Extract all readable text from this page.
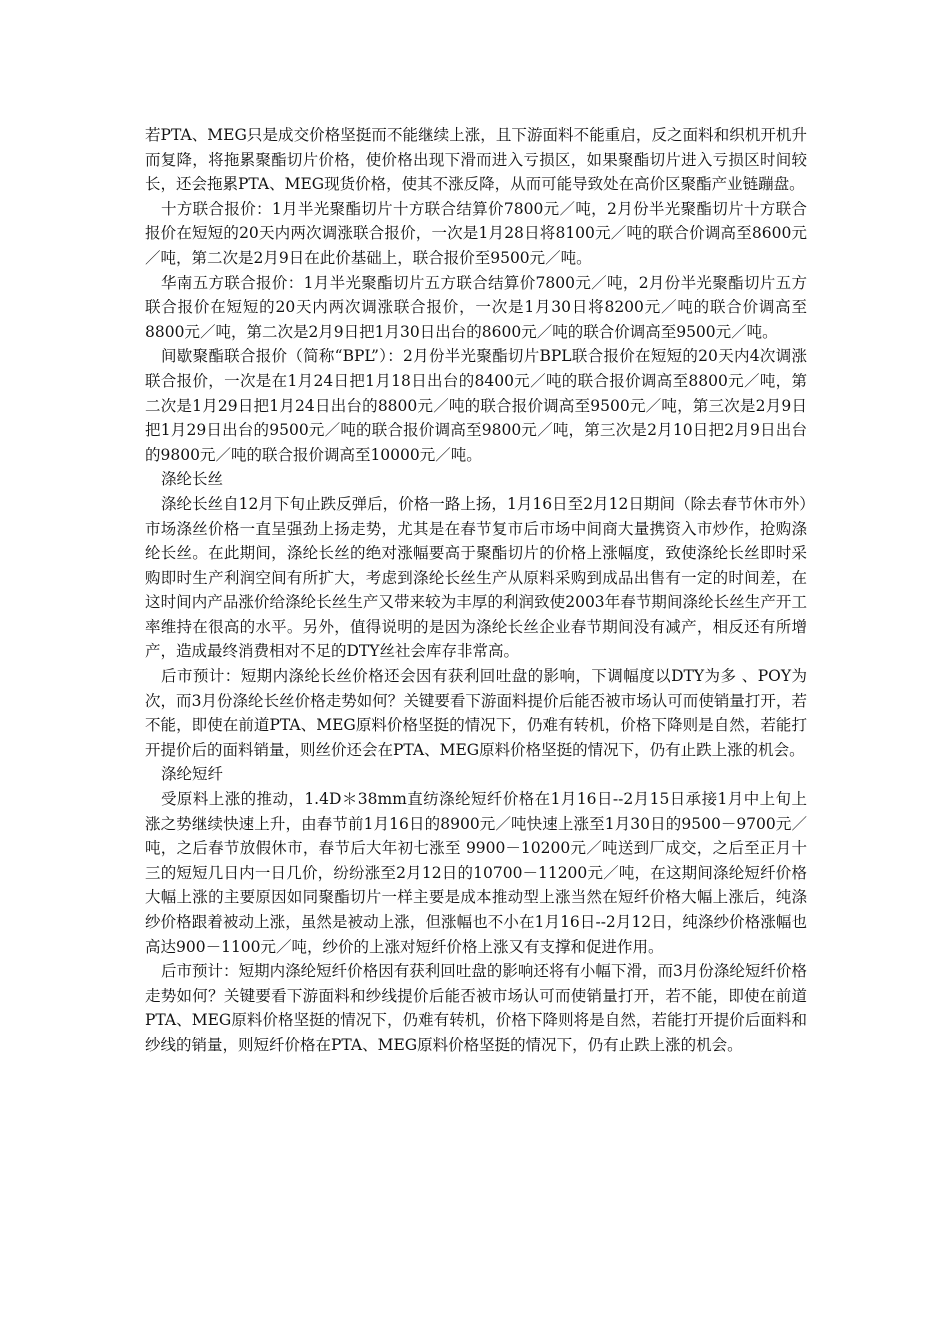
若PTA、MEG只是成交价格坚挺而不能继续上涨，且下游面料不能重启，反之面料和织机开机升而复降，将拖累聚酯切片价格，使价格出现下滑而进入亏损区，如果聚酯切片进入亏损区时间较长，还会拖累PTA、MEG现货价格，使其不涨反降，从而可能导致处在高价区聚酯产业链蹦盘。

十方联合报价：1月半光聚酯切片十方联合结算价7800元／吨，2月份半光聚酯切片十方联合报价在短短的20天内两次调涨联合报价，一次是1月28日将8100元／吨的联合价调高至8600元／吨，第二次是2月9日在此价基础上，联合报价至9500元／吨。

华南五方联合报价：1月半光聚酯切片五方联合结算价7800元／吨，2月份半光聚酯切片五方联合报价在短短的20天内两次调涨联合报价，一次是1月30日将8200元／吨的联合价调高至8800元／吨，第二次是2月9日把1月30日出台的8600元／吨的联合价调高至9500元／吨。

间歇聚酯联合报价（简称“BPL”）：2月份半光聚酯切片BPL联合报价在短短的20天内4次调涨联合报价，一次是在1月24日把1月18日出台的8400元／吨的联合报价调高至8800元／吨，第二次是1月29日把1月24日出台的8800元／吨的联合报价调高至9500元／吨，第三次是2月9日把1月29日出台的9500元／吨的联合报价调高至9800元／吨，第三次是2月10日把2月9日出台的9800元／吨的联合报价调高至10000元／吨。

涤纶长丝

涤纶长丝自12月下旬止跌反弹后，价格一路上扬，1月16日至2月12日期间（除去春节休市外）市场涤丝价格一直呈强劲上扬走势，尤其是在春节复市后市场中间商大量携资入市炒作，抢购涤纶长丝。在此期间，涤纶长丝的绝对涨幅要高于聚酯切片的价格上涨幅度，致使涤纶长丝即时采购即时生产利润空间有所扩大，考虑到涤纶长丝生产从原料采购到成品出售有一定的时间差，在这时间内产品涨价给涤纶长丝生产又带来较为丰厚的利润致使2003年春节期间涤纶长丝生产开工率维持在很高的水平。另外，值得说明的是因为涤纶长丝企业春节期间没有减产，相反还有所增产，造成最终消费相对不足的DTY丝社会库存非常高。

后市预计：短期内涤纶长丝价格还会因有获利回吐盘的影响，下调幅度以DTY为多 、POY为次，而3月份涤纶长丝价格走势如何？关键要看下游面料提价后能否被市场认可而使销量打开，若不能，即使在前道PTA、MEG原料价格坚挺的情况下，仍难有转机，价格下降则是自然，若能打开提价后的面料销量，则丝价还会在PTA、MEG原料价格坚挺的情况下，仍有止跌上涨的机会。

涤纶短纤

受原料上涨的推动，1.4D＊38mm直纺涤纶短纤价格在1月16日--2月15日承接1月中上旬上涨之势继续快速上升，由春节前1月16日的8900元／吨快速上涨至1月30日的9500－9700元／吨，之后春节放假休市，春节后大年初七涨至 9900－10200元／吨送到厂成交，之后至正月十三的短短几日内一日几价，纷纷涨至2月12日的10700－11200元／吨，在这期间涤纶短纤价格大幅上涨的主要原因如同聚酯切片一样主要是成本推动型上涨当然在短纤价格大幅上涨后，纯涤纱价格跟着被动上涨，虽然是被动上涨，但涨幅也不小在1月16日--2月12日，纯涤纱价格涨幅也高达900－1100元／吨，纱价的上涨对短纤价格上涨又有支撑和促进作用。

后市预计：短期内涤纶短纤价格因有获利回吐盘的影响还将有小幅下滑，而3月份涤纶短纤价格走势如何？关键要看下游面料和纱线提价后能否被市场认可而使销量打开，若不能，即使在前道PTA、MEG原料价格坚挺的情况下，仍难有转机，价格下降则将是自然，若能打开提价后面料和纱线的销量，则短纤价格在PTA、MEG原料价格坚挺的情况下，仍有止跌上涨的机会。
